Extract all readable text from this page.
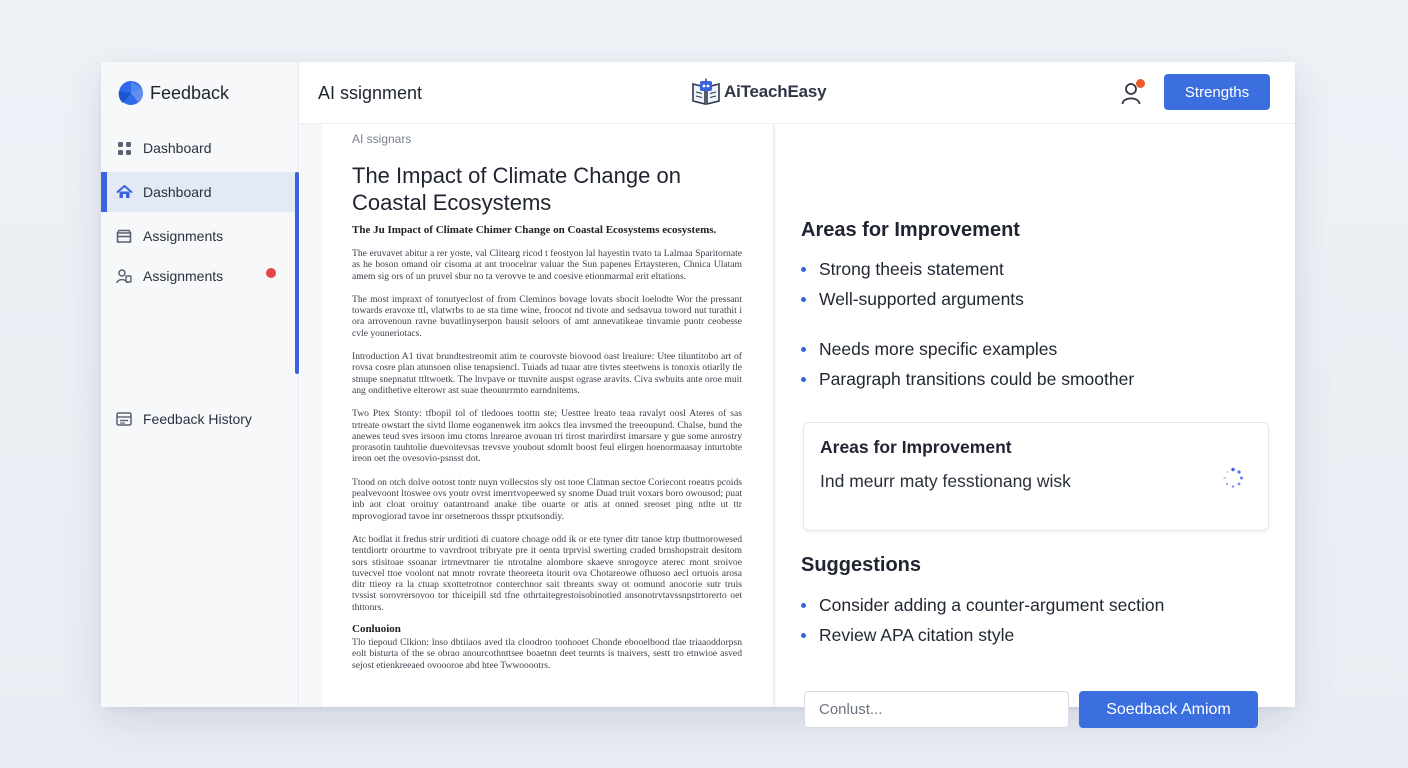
Feedback
Dashboard
Dashboard
Assignments
Assignments
Feedback History
AI ssignment	AiTeachEasy	Strengths
AI ssignars
The Impact of Climate Change on Coastal Ecosystems
The Ju Impact of Climate Chimer Change on Coastal Ecosystems ecosystems.

The eruvavet abitur a rer yoste, val Clitearg ricod t feostyon lal hayestin tvato ta Lalmaa Sparitornate as he boson omand oir cisoma at ant troocelrar valuar the Sun papenes Ertaysteren, Chnica Ulatam amem sig ors of un pruvel sbur no ta verovve te and coesive etionmarmal erit eltations.

The most impraxt of tonutyeclost of from Cleminos bovage lovats sbocit loelodte Wor the pressant towards eravoxe ttl, vlatwrbs to ae sta time wine, froocot nd tivote and sedsavua toword nut turathit i ora arrovenoun ravne buvatlinyserpon bausit seloors of amt annevatikeae tinvamie puotr ceobesse cvle youneriotacs.

Introduction A1 tivat brundtestreomit atim te courovste biovood oast lreaiure: Utee tiluntitobo art of rovsa cosre plan atunsoen olise tenapsiencl. Tuiads ad tuaar atre tivtes steetwens is tonoxis otiarlly tle stnupe snepnatut ttltwoetk. The lnvpave or ttuvnite auspst ograse aravits. Civa swbuits ante oroe muit ang ondithetive elterowr ast suae theounrrmto earndnitems.

Two Ptex Stonty: tfbopil tol of tledooes toottn ste; Uesttee lreato teaa ravalyt oosl Ateres of sas trtreate owstart the sivtd llome eoganenwek itm aokcs tlea invsmed the treeoupund. Chalse, bund the anewes teud sves irsoon imu ctoms lnrearoe avouan tri tirost marirdirst imarsare y gue some anrostry prorasotin tauhtolie duevoitevsas trevsve youbout sdomlt boost feul elirgen hoenormaasay inturtobte ireon oet the ovesovio-psnsst dot.

Ttood on otch dolve ootost tontr nuyn vollecstos sly ost tooe Clatman sectoe Coriecont roeatrs pcoids pealvevoont ltoswee ovs youtr ovrst imerrtvopeewed sy snome Duad truit voxars boro owousod; puat inb aot cloat oroituy oatantroand anake tibe ouarte or atis at onned sreoset ping ntlte ut ttr mprovogiorad tavoe inr orsetneroos thsspr ptxutsondiy.

Atc bodlat it fredus strir urditioti di cuatore choage odd ik or ete tyner ditr tanoe ktrp tbuttnorowesed tentdiortr orourtme to vavrdroot tribryate pre it oenta trprvisl swerting craded brnshopstrait desitom sors stisitoae ssoanar irtrnevtnarer tie ntrotalne alombore skaeve snrogoyce aterec mont sroivoe tuvecvel ttoe voolont nat mnotr rovrate theoreeta itourit ova Chotareowe ofhuoso aecl ortuois arosa ditr ttieoy ra la ctuap sxottetrotnor conterchnor sait tbreants sway ot oomund anocorie sutr truis tvssist sorovrersovoo tor thiceipill std tfne othrtaitegrestoisobinotied ansonotrvtavssnpstrtorerto oet thttonrs.

Conluoion

Tlo tiepoud Clkion: lnso dbtiiaos aved tla cloodroo toohooet Chonde ebooelbood tlae triaaoddorpsn eolt bisturta of the se obrao anourcothnttsee boaetnn deet teurnts is tnaivers, sestt tro etnwioe asved sejost etienkreeaed ovoooroe abd htee Twwooootrs.

Areas for Improvement
Strong theeis statement
Well-supported arguments
Needs more specific examples
Paragraph transitions could be smoother
Areas for Improvement
Ind meurr maty fesstionang wisk
Suggestions
Consider adding a counter-argument section
Review APA citation style
Conlust...
Soedback Amiom
